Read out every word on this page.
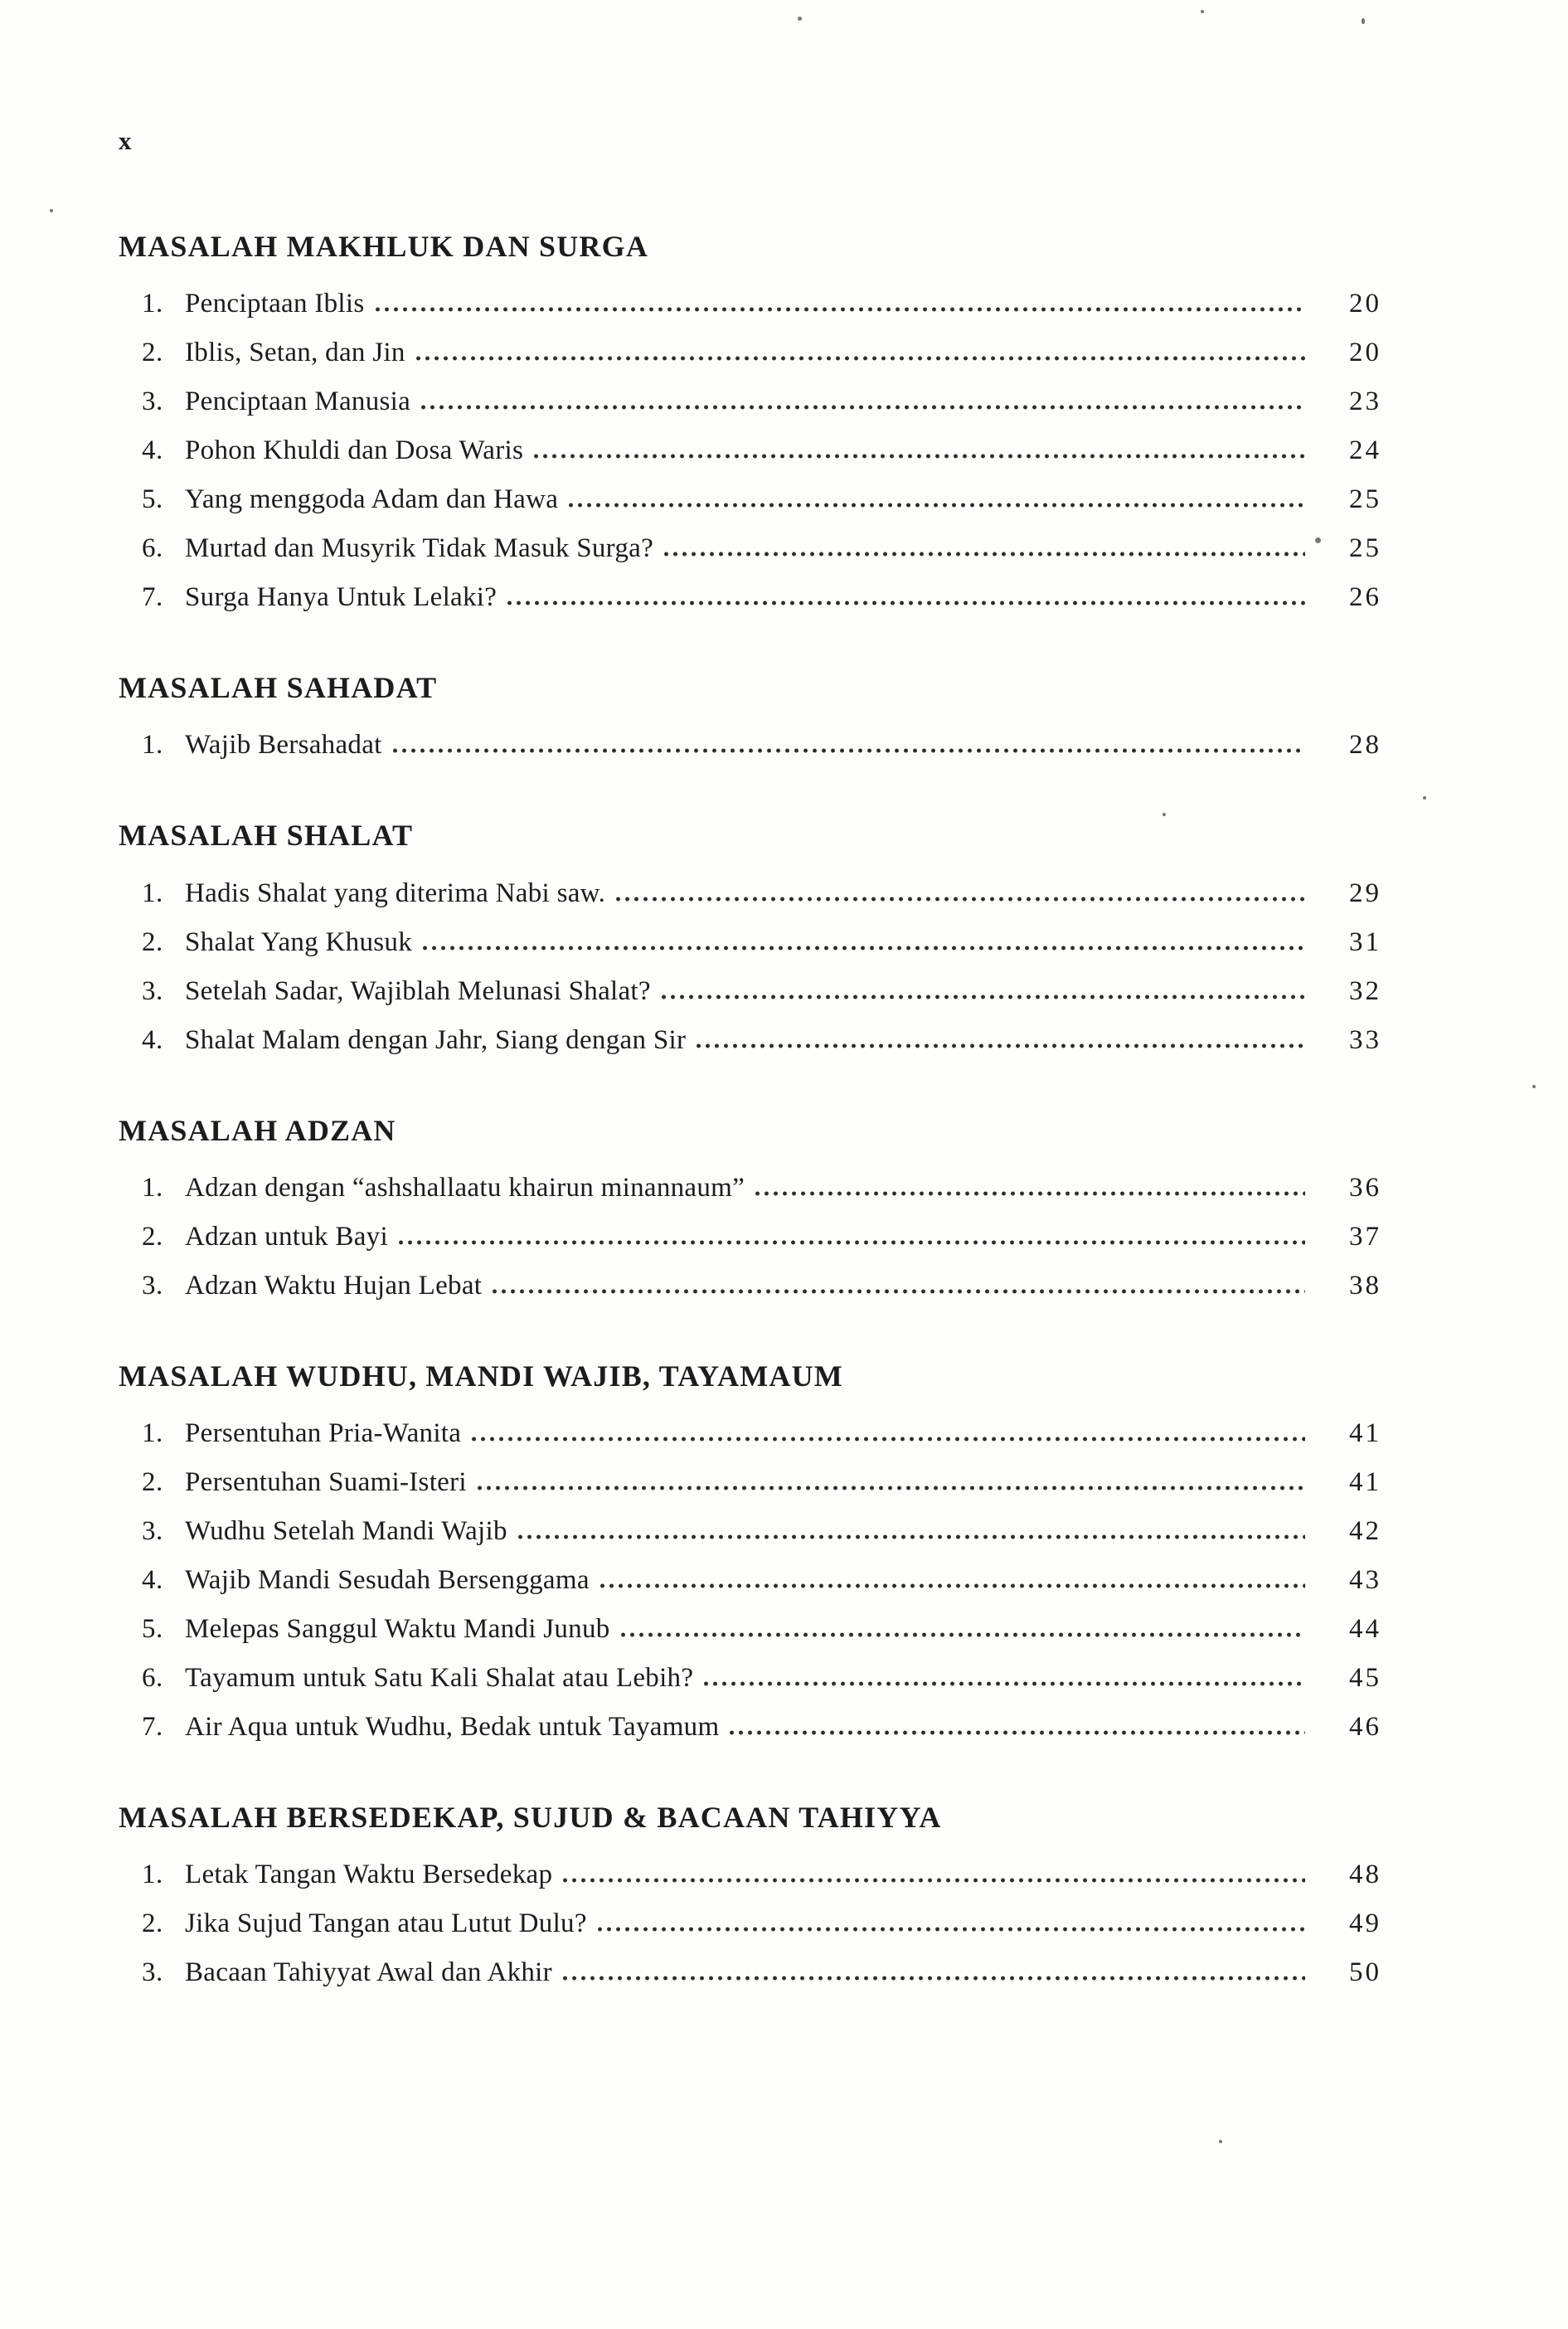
x
MASALAH MAKHLUK DAN SURGA
1. Penciptaan Iblis	20
2. Iblis, Setan, dan Jin	20
3. Penciptaan Manusia	23
4. Pohon Khuldi dan Dosa Waris	24
5. Yang menggoda Adam dan Hawa	25
6. Murtad dan Musyrik Tidak Masuk Surga?	25
7. Surga Hanya Untuk Lelaki?	26
MASALAH SAHADAT
1. Wajib Bersahadat	28
MASALAH SHALAT
1. Hadis Shalat yang diterima Nabi saw.	29
2. Shalat Yang Khusuk	31
3. Setelah Sadar, Wajiblah Melunasi Shalat?	32
4. Shalat Malam dengan Jahr, Siang dengan Sir	33
MASALAH ADZAN
1. Adzan dengan “ashshallaatu khairun minannaum”	36
2. Adzan untuk Bayi	37
3. Adzan Waktu Hujan Lebat	38
MASALAH WUDHU, MANDI WAJIB, TAYAMAUM
1. Persentuhan Pria-Wanita	41
2. Persentuhan Suami-Isteri	41
3. Wudhu Setelah Mandi Wajib	42
4. Wajib Mandi Sesudah Bersenggama	43
5. Melepas Sanggul Waktu Mandi Junub	44
6. Tayamum untuk Satu Kali Shalat atau Lebih?	45
7. Air Aqua untuk Wudhu, Bedak untuk Tayamum	46
MASALAH BERSEDEKAP, SUJUD & BACAAN TAHIYYA
1. Letak Tangan Waktu Bersedekap	48
2. Jika Sujud Tangan atau Lutut Dulu?	49
3. Bacaan Tahiyyat Awal dan Akhir	50
